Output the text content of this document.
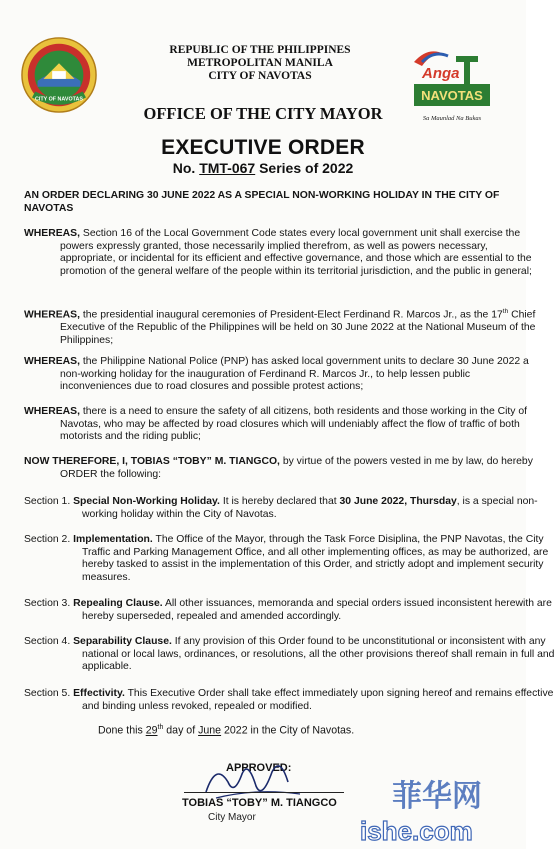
CITY OF NAVOTAS
REPUBLIC OF THE PHILIPPINES
METROPOLITAN MANILA
CITY OF NAVOTAS	Anga
NAVOTAS
Sa Maunlad Na Bukas
OFFICE OF THE CITY MAYOR
EXECUTIVE ORDER
No. TMT-067 Series of 2022
AN ORDER DECLARING 30 JUNE 2022 AS A SPECIAL NON-WORKING HOLIDAY IN THE CITY OF NAVOTAS
WHEREAS, Section 16 of the Local Government Code states every local government unit shall exercise the powers expressly granted, those necessarily implied therefrom, as well as powers necessary, appropriate, or incidental for its efficient and effective governance, and those which are essential to the promotion of the general welfare of the people within its territorial jurisdiction, and the public in general;
WHEREAS, the presidential inaugural ceremonies of President-Elect Ferdinand R. Marcos Jr., as the 17th Chief Executive of the Republic of the Philippines will be held on 30 June 2022 at the National Museum of the Philippines;
WHEREAS, the Philippine National Police (PNP) has asked local government units to declare 30 June 2022 a non-working holiday for the inauguration of Ferdinand R. Marcos Jr., to help lessen public inconveniences due to road closures and possible protest actions;
WHEREAS, there is a need to ensure the safety of all citizens, both residents and those working in the City of Navotas, who may be affected by road closures which will undeniably affect the flow of traffic of both motorists and the riding public;
NOW THEREFORE, I, TOBIAS “TOBY” M. TIANGCO, by virtue of the powers vested in me by law, do hereby ORDER the following:
Section 1. Special Non-Working Holiday. It is hereby declared that 30 June 2022, Thursday, is a special non-working holiday within the City of Navotas.
Section 2. Implementation. The Office of the Mayor, through the Task Force Disiplina, the PNP Navotas, the City Traffic and Parking Management Office, and all other implementing offices, as may be authorized, are hereby tasked to assist in the implementation of this Order, and strictly adopt and implement security measures.
Section 3. Repealing Clause. All other issuances, memoranda and special orders issued inconsistent herewith are hereby superseded, repealed and amended accordingly.
Section 4. Separability Clause. If any provision of this Order found to be unconstitutional or inconsistent with any national or local laws, ordinances, or resolutions, all the other provisions thereof shall remain in full and applicable.
Section 5. Effectivity. This Executive Order shall take effect immediately upon signing hereof and remains effective and binding unless revoked, repealed or modified.
Done this 29th day of June 2022 in the City of Navotas.
APPROVED:
TOBIAS “TOBY” M. TIANGCO
City Mayor
菲华网
ishe.com
